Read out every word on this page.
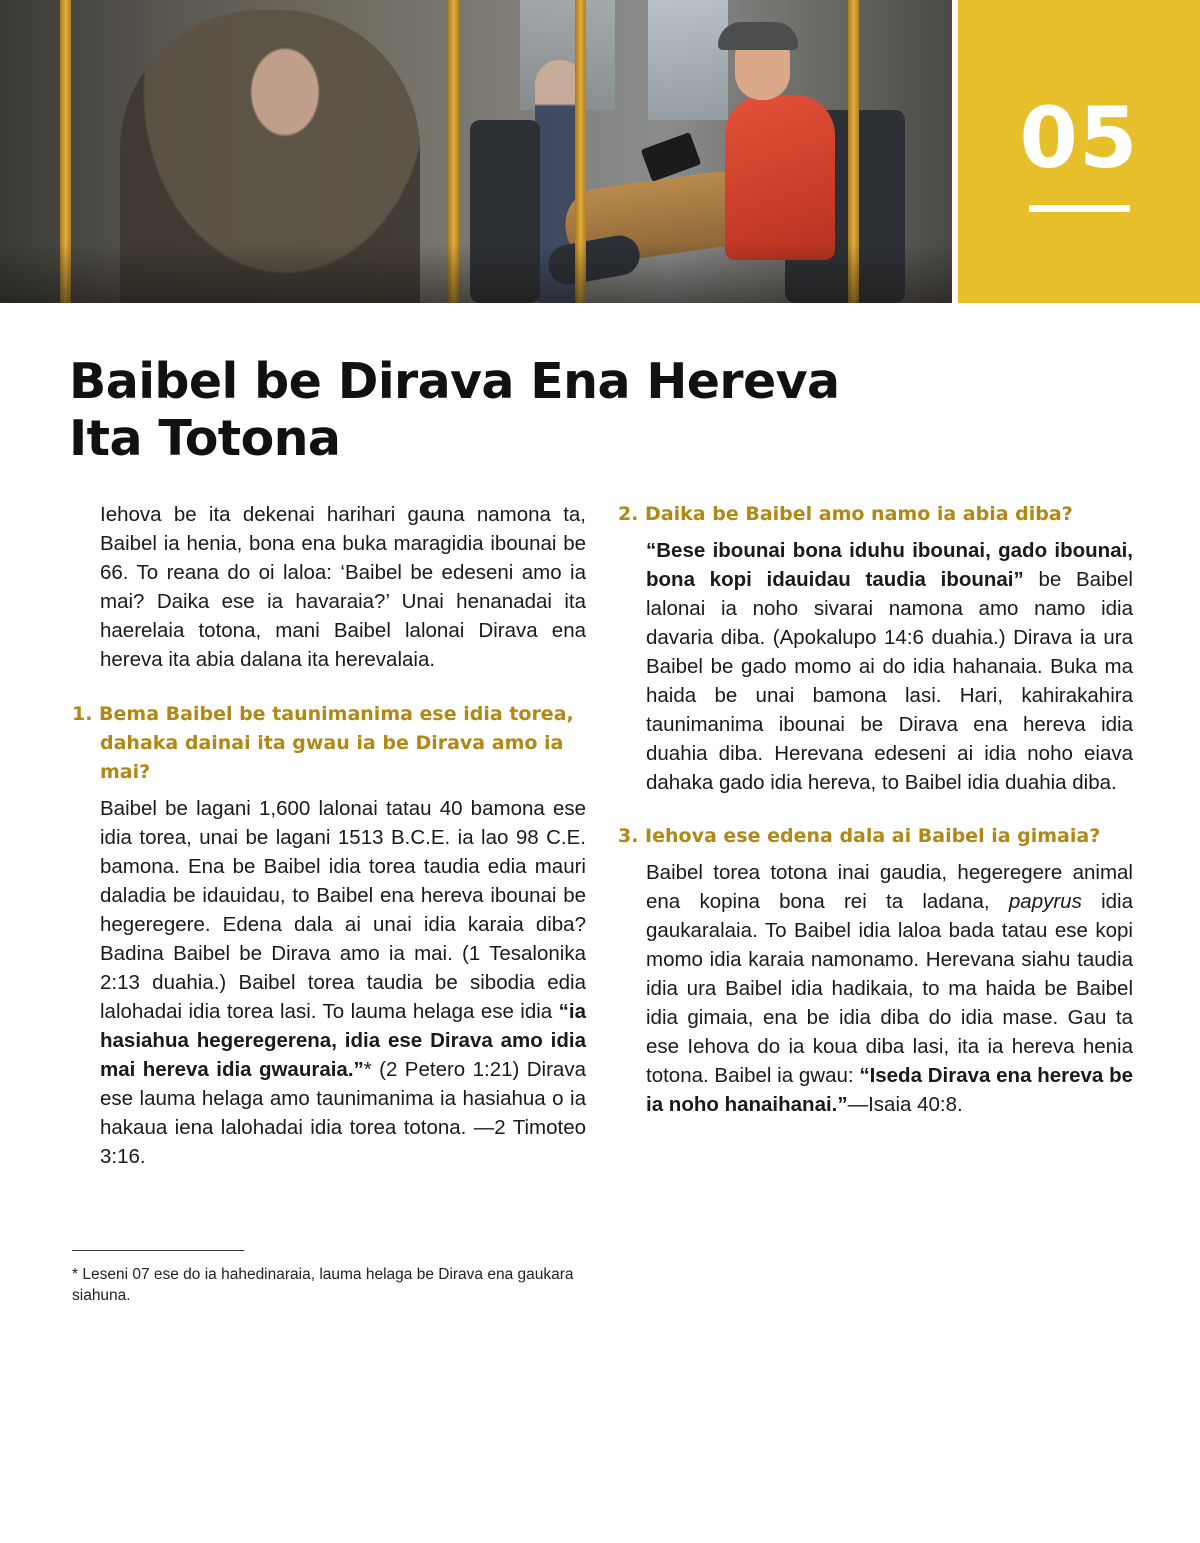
05
Baibel be Dirava Ena Hereva
Ita Totona

Iehova be ita dekenai harihari gauna namona ta, Baibel ia henia, bona ena buka maragidia ibounai be 66. To reana do oi laloa: ‘Baibel be edeseni amo ia mai? Daika ese ia havaraia?’ Unai henanadai ita haerelaia totona, mani Baibel lalonai Dirava ena hereva ita abia dalana ita herevalaia.

1. Bema Baibel be taunimanima ese idia torea, dahaka dainai ita gwau ia be Dirava amo ia mai?

Baibel be lagani 1,600 lalonai tatau 40 bamona ese idia torea, unai be lagani 1513 B.C.E. ia lao 98 C.E. bamona. Ena be Baibel idia torea taudia edia mauri daladia be idauidau, to Baibel ena hereva ibounai be hegeregere. Edena dala ai unai idia karaia diba? Badina Baibel be Dirava amo ia mai. (1 Tesalonika 2:13 duahia.) Baibel torea taudia be sibodia edia lalohadai idia torea lasi. To lauma helaga ese idia “ia hasiahua hegeregerena, idia ese Dirava amo idia mai hereva idia gwauraia.”* (2 Petero 1:21) Dirava ese lauma helaga amo taunimanima ia hasiahua o ia hakaua iena lalohadai idia torea totona. —2 Timoteo 3:16.

* Leseni 07 ese do ia hahedinaraia, lauma helaga be Dirava ena gaukara siahuna.
2. Daika be Baibel amo namo ia abia diba?

“Bese ibounai bona iduhu ibounai, gado ibounai, bona kopi idauidau taudia ibounai” be Baibel lalonai ia noho sivarai namona amo namo idia davaria diba. (Apokalupo 14:6 duahia.) Dirava ia ura Baibel be gado momo ai do idia hahanaia. Buka ma haida be unai bamona lasi. Hari, kahirakahira taunimanima ibounai be Dirava ena hereva idia duahia diba. Herevana edeseni ai idia noho eiava dahaka gado idia hereva, to Baibel idia duahia diba.

3. Iehova ese edena dala ai Baibel ia gimaia?

Baibel torea totona inai gaudia, hegeregere animal ena kopina bona rei ta ladana, papyrus idia gaukaralaia. To Baibel idia laloa bada tatau ese kopi momo idia karaia namonamo. Herevana siahu taudia idia ura Baibel idia hadikaia, to ma haida be Baibel idia gimaia, ena be idia diba do idia mase. Gau ta ese Iehova do ia koua diba lasi, ita ia hereva henia totona. Baibel ia gwau: “Iseda Dirava ena hereva be ia noho hanaihanai.”—Isaia 40:8.
